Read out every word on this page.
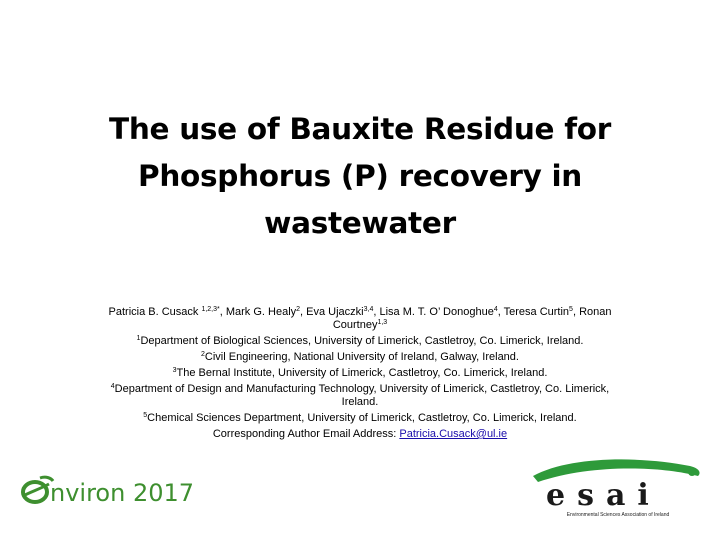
The use of Bauxite Residue for
Phosphorus (P) recovery in
wastewater

Patricia B. Cusack $^{1,2,3*}$, Mark G. Healy$^2$, Eva Ujaczki$^{3,4}$, Lisa M. T. O’ Donoghue$^4$, Teresa Curtin$^5$, Ronan Courtney$^{1,3}$

$^1$Department of Biological Sciences, University of Limerick, Castletroy, Co. Limerick, Ireland.

$^2$Civil Engineering, National University of Ireland, Galway, Ireland.

$^3$The Bernal Institute, University of Limerick, Castletroy, Co. Limerick, Ireland.

$^4$Department of Design and Manufacturing Technology, University of Limerick, Castletroy, Co. Limerick, Ireland.

$^5$Chemical Sciences Department, University of Limerick, Castletroy, Co. Limerick, Ireland.

Corresponding Author Email Address: Patricia.Cusack@ul.ie

nviron 2017	esai
Environmental Sciences Association of Ireland
